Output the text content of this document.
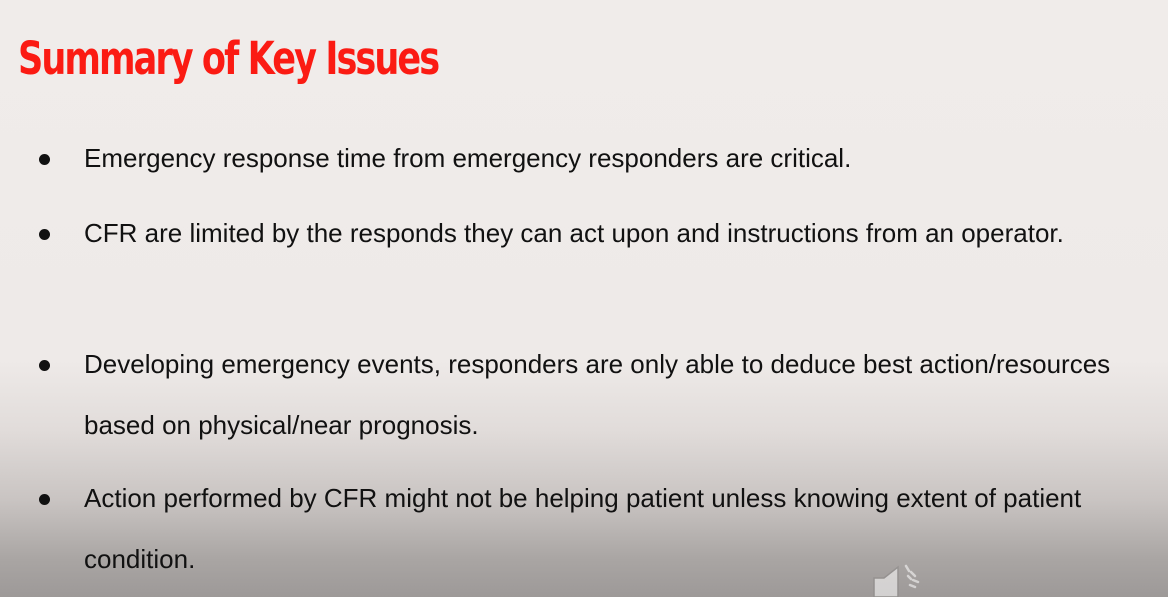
Summary of Key Issues

Emergency response time from emergency responders are critical.

CFR are limited by the responds they can act upon and instructions from an operator.

Developing emergency events, responders are only able to deduce best action/resources based on physical/near prognosis.

Action performed by CFR might not be helping patient unless knowing extent of patient condition.
